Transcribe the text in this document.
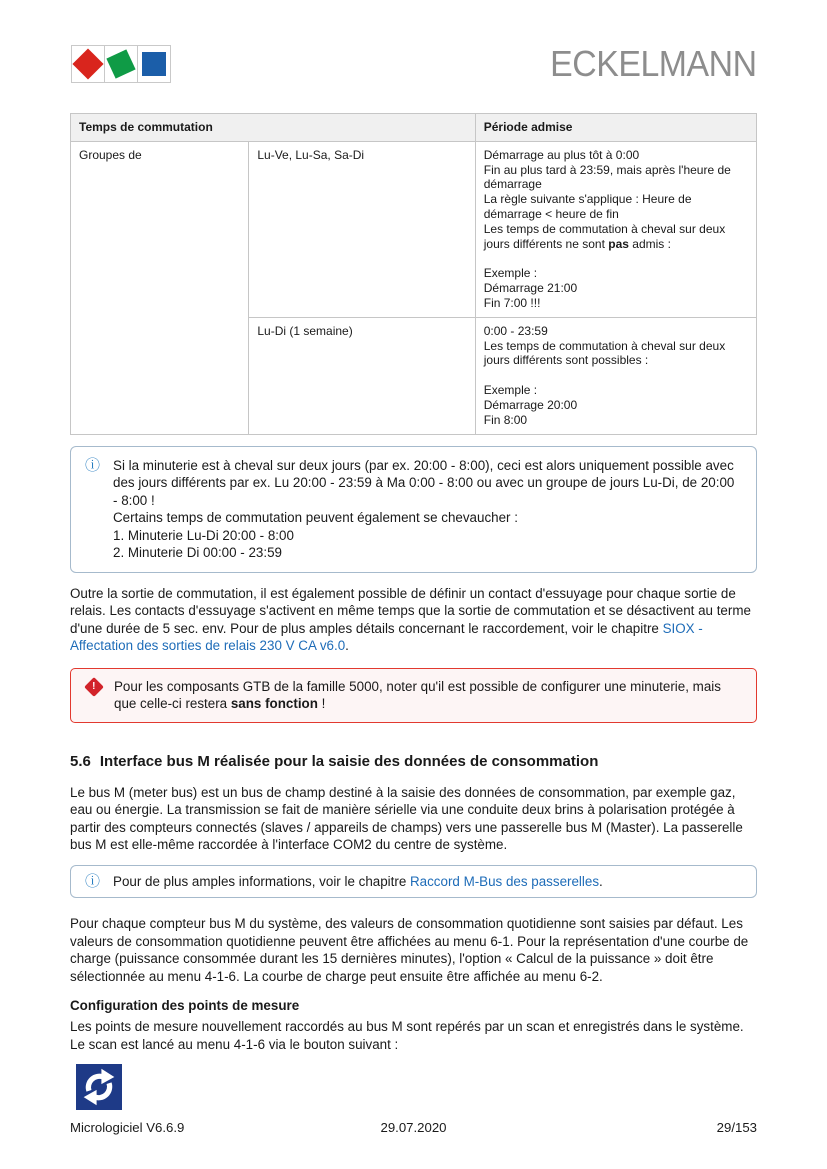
ECKELMANN
Temps de commutation		Période admise
Groupes de	Lu-Ve, Lu-Sa, Sa-Di	Démarrage au plus tôt à 0:00
Fin au plus tard à 23:59, mais après l'heure de démarrage
La règle suivante s'applique : Heure de démarrage < heure de fin
Les temps de commutation à cheval sur deux jours différents ne sont pas admis :
Exemple :
Démarrage 21:00
Fin 7:00 !!!

	Lu-Di (1 semaine)	0:00 - 23:59
Les temps de commutation à cheval sur deux jours différents sont possibles :
Exemple :
Démarrage 20:00
Fin 8:00
ⓘ Si la minuterie est à cheval sur deux jours (par ex. 20:00 - 8:00), ceci est alors uniquement possible avec des jours différents par ex. Lu 20:00 - 23:59 à Ma 0:00 - 8:00 ou avec un groupe de jours Lu-Di, de 20:00 - 8:00 !
Certains temps de commutation peuvent également se chevaucher :
1. Minuterie Lu-Di 20:00 - 8:00
2. Minuterie Di 00:00 - 23:59

Outre la sortie de commutation, il est également possible de définir un contact d'essuyage pour chaque sortie de relais. Les contacts d'essuyage s'activent en même temps que la sortie de commutation et se désactivent au terme d'une durée de 5 sec. env. Pour de plus amples détails concernant le raccordement, voir le chapitre SIOX - Affectation des sorties de relais 230 V CA v6.0.

! Pour les composants GTB de la famille 5000, noter qu'il est possible de configurer une minuterie, mais que celle-ci restera sans fonction !
5.6 Interface bus M réalisée pour la saisie des données de consommation

Le bus M (meter bus) est un bus de champ destiné à la saisie des données de consommation, par exemple gaz, eau ou énergie. La transmission se fait de manière sérielle via une conduite deux brins à polarisation protégée à partir des compteurs connectés (slaves / appareils de champs) vers une passerelle bus M (Master). La passerelle bus M est elle-même raccordée à l'interface COM2 du centre de système.

ⓘ Pour de plus amples informations, voir le chapitre Raccord M-Bus des passerelles.

Pour chaque compteur bus M du système, des valeurs de consommation quotidienne sont saisies par défaut. Les valeurs de consommation quotidienne peuvent être affichées au menu 6-1. Pour la représentation d'une courbe de charge (puissance consommée durant les 15 dernières minutes), l'option « Calcul de la puissance » doit être sélectionnée au menu 4-1-6. La courbe de charge peut ensuite être affichée au menu 6-2.

Configuration des points de mesure

Les points de mesure nouvellement raccordés au bus M sont repérés par un scan et enregistrés dans le système. Le scan est lancé au menu 4-1-6 via le bouton suivant :

Micrologiciel V6.6.9	29.07.2020	29/153
